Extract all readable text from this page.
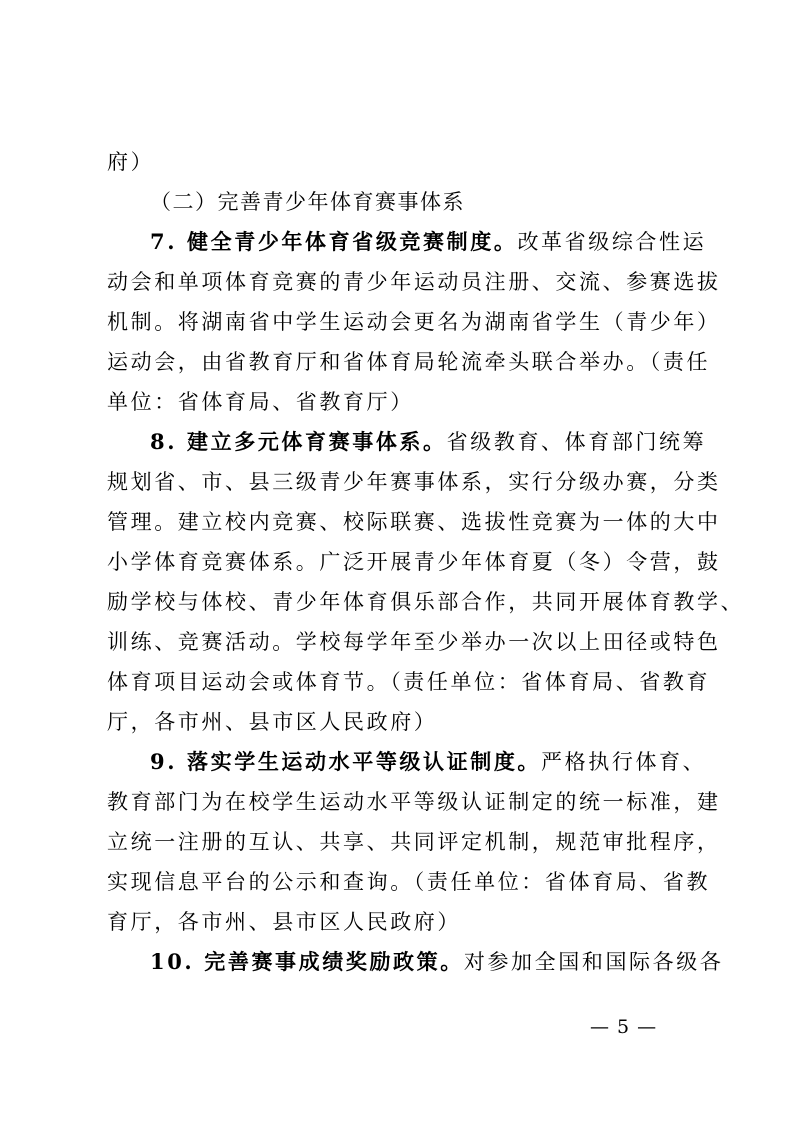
府）
（二）完善青少年体育赛事体系
7. 健全青少年体育省级竞赛制度。改革省级综合性运
动会和单项体育竞赛的青少年运动员注册、交流、参赛选拔
机制。将湖南省中学生运动会更名为湖南省学生（青少年）
运动会，由省教育厅和省体育局轮流牵头联合举办。（责任
单位：省体育局、省教育厅）
8. 建立多元体育赛事体系。省级教育、体育部门统筹
规划省、市、县三级青少年赛事体系，实行分级办赛，分类
管理。建立校内竞赛、校际联赛、选拔性竞赛为一体的大中
小学体育竞赛体系。广泛开展青少年体育夏（冬）令营，鼓
励学校与体校、青少年体育俱乐部合作，共同开展体育教学、
训练、竞赛活动。学校每学年至少举办一次以上田径或特色
体育项目运动会或体育节。（责任单位：省体育局、省教育
厅，各市州、县市区人民政府）
9. 落实学生运动水平等级认证制度。严格执行体育、
教育部门为在校学生运动水平等级认证制定的统一标准，建
立统一注册的互认、共享、共同评定机制，规范审批程序，
实现信息平台的公示和查询。（责任单位：省体育局、省教
育厅，各市州、县市区人民政府）
10. 完善赛事成绩奖励政策。对参加全国和国际各级各
— 5 —
